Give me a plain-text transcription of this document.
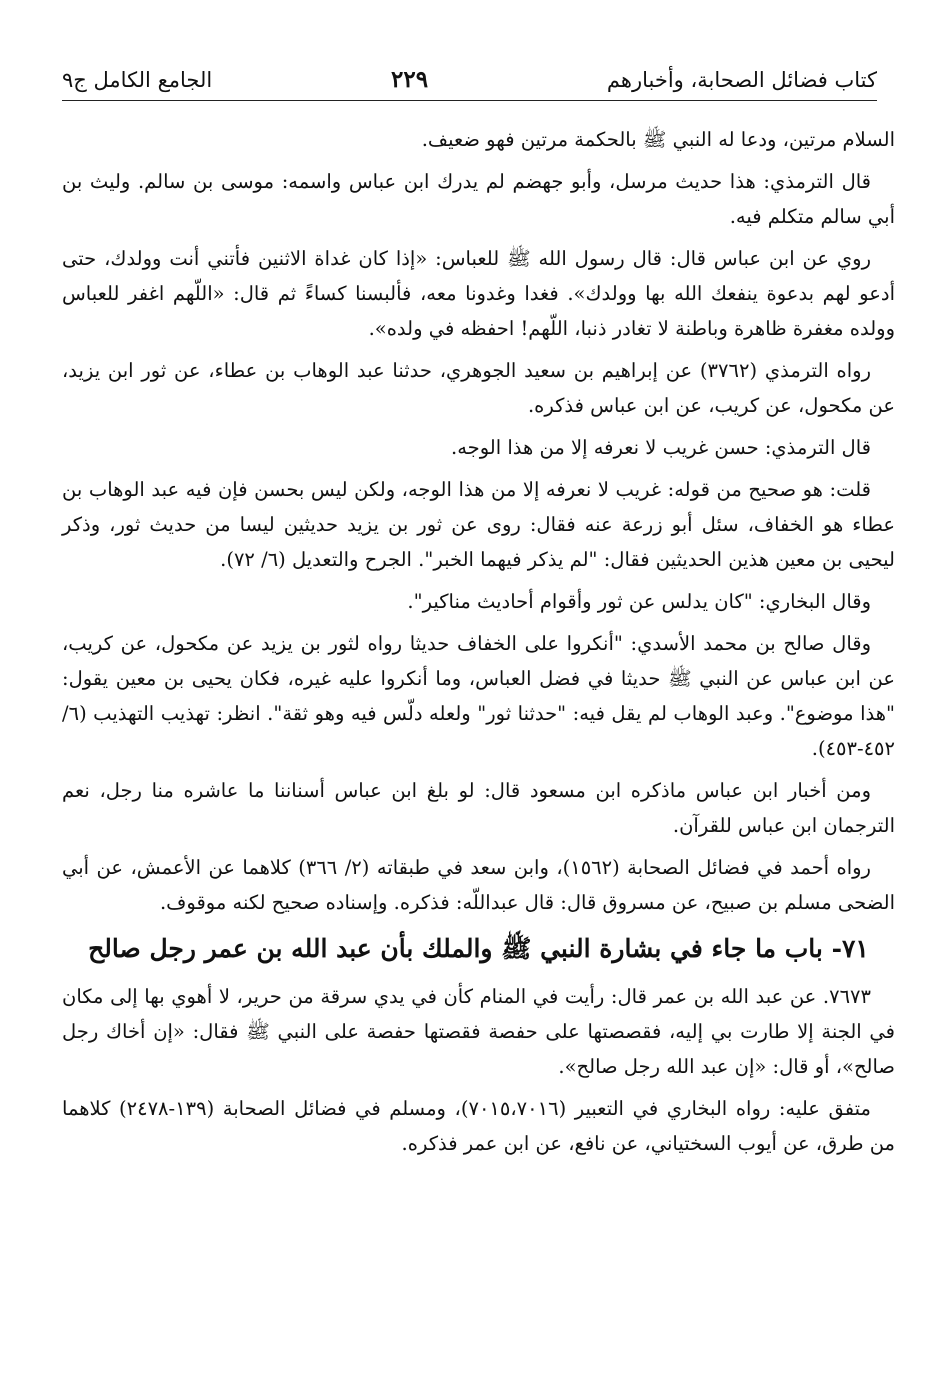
كتاب فضائل الصحابة، وأخبارهم
٢٢٩
الجامع الكامل ج٩

السلام مرتين، ودعا له النبي ﷺ بالحكمة مرتين فهو ضعيف.

قال الترمذي: هذا حديث مرسل، وأبو جهضم لم يدرك ابن عباس واسمه: موسى بن سالم. وليث بن أبي سالم متكلم فيه.

روي عن ابن عباس قال: قال رسول الله ﷺ للعباس: «إذا كان غداة الاثنين فأتني أنت وولدك، حتى أدعو لهم بدعوة ينفعك الله بها وولدك». فغدا وغدونا معه، فألبسنا كساءً ثم قال: «اللّهم اغفر للعباس وولده مغفرة ظاهرة وباطنة لا تغادر ذنبا، اللّهم! احفظه في ولده».

رواه الترمذي (٣٧٦٢) عن إبراهيم بن سعيد الجوهري، حدثنا عبد الوهاب بن عطاء، عن ثور ابن يزيد، عن مكحول، عن كريب، عن ابن عباس فذكره.

قال الترمذي: حسن غريب لا نعرفه إلا من هذا الوجه.

قلت: هو صحيح من قوله: غريب لا نعرفه إلا من هذا الوجه، ولكن ليس بحسن فإن فيه عبد الوهاب بن عطاء هو الخفاف، سئل أبو زرعة عنه فقال: روى عن ثور بن يزيد حديثين ليسا من حديث ثور، وذكر ليحيى بن معين هذين الحديثين فقال: "لم يذكر فيهما الخبر". الجرح والتعديل (٦/ ٧٢).

وقال البخاري: "كان يدلس عن ثور وأقوام أحاديث مناكير".

وقال صالح بن محمد الأسدي: "أنكروا على الخفاف حديثا رواه لثور بن يزيد عن مكحول، عن كريب، عن ابن عباس عن النبي ﷺ حديثا في فضل العباس، وما أنكروا عليه غيره، فكان يحيى بن معين يقول: "هذا موضوع". وعبد الوهاب لم يقل فيه: "حدثنا ثور" ولعله دلّس فيه وهو ثقة". انظر: تهذيب التهذيب (٦/ ٤٥٢-٤٥٣).

ومن أخبار ابن عباس ماذكره ابن مسعود قال: لو بلغ ابن عباس أسناننا ما عاشره منا رجل، نعم الترجمان ابن عباس للقرآن.

رواه أحمد في فضائل الصحابة (١٥٦٢)، وابن سعد في طبقاته (٢/ ٣٦٦) كلاهما عن الأعمش، عن أبي الضحى مسلم بن صبيح، عن مسروق قال: قال عبداللّه: فذكره. وإسناده صحيح لكنه موقوف.

٧١- باب ما جاء في بشارة النبي ﷺ والملك بأن عبد الله بن عمر رجل صالح

٧٦٧٣. عن عبد الله بن عمر قال: رأيت في المنام كأن في يدي سرقة من حرير، لا أهوي بها إلى مكان في الجنة إلا طارت بي إليه، فقصصتها على حفصة فقصتها حفصة على النبي ﷺ فقال: «إن أخاك رجل صالح»، أو قال: «إن عبد الله رجل صالح».

متفق عليه: رواه البخاري في التعبير (٧٠١٥،٧٠١٦)، ومسلم في فضائل الصحابة (١٣٩-٢٤٧٨) كلاهما من طرق، عن أيوب السختياني، عن نافع، عن ابن عمر فذكره.
